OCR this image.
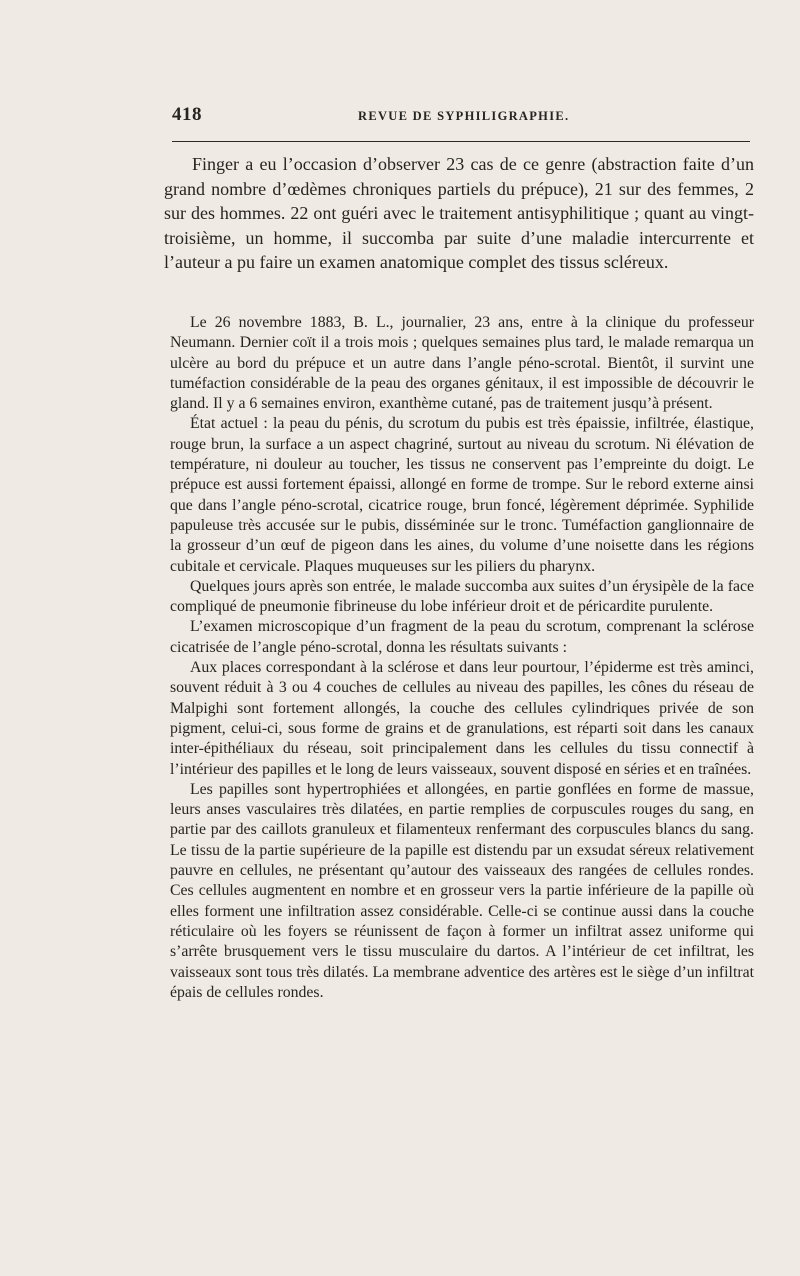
418	REVUE DE SYPHILIGRAPHIE.

Finger a eu l’occasion d’observer 23 cas de ce genre (abstraction faite d’un grand nombre d’œdèmes chroniques partiels du prépuce), 21 sur des femmes, 2 sur des hommes. 22 ont guéri avec le traitement antisyphilitique ; quant au vingt-troisième, un homme, il succomba par suite d’une maladie intercurrente et l’auteur a pu faire un examen anatomique complet des tissus scléreux.

Le 26 novembre 1883, B. L., journalier, 23 ans, entre à la clinique du professeur Neumann. Dernier coït il a trois mois ; quelques semaines plus tard, le malade remarqua un ulcère au bord du prépuce et un autre dans l’angle péno-scrotal. Bientôt, il survint une tuméfaction considérable de la peau des organes génitaux, il est impossible de découvrir le gland. Il y a 6 semaines environ, exanthème cutané, pas de traitement jusqu’à présent.

État actuel : la peau du pénis, du scrotum du pubis est très épaissie, infiltrée, élastique, rouge brun, la surface a un aspect chagriné, surtout au niveau du scrotum. Ni élévation de température, ni douleur au toucher, les tissus ne conservent pas l’empreinte du doigt. Le prépuce est aussi fortement épaissi, allongé en forme de trompe. Sur le rebord externe ainsi que dans l’angle péno-scrotal, cicatrice rouge, brun foncé, légèrement déprimée. Syphilide papuleuse très accusée sur le pubis, disséminée sur le tronc. Tuméfaction ganglionnaire de la grosseur d’un œuf de pigeon dans les aines, du volume d’une noisette dans les régions cubitale et cervicale. Plaques muqueuses sur les piliers du pharynx.

Quelques jours après son entrée, le malade succomba aux suites d’un érysipèle de la face compliqué de pneumonie fibrineuse du lobe inférieur droit et de péricardite purulente.

L’examen microscopique d’un fragment de la peau du scrotum, comprenant la sclérose cicatrisée de l’angle péno-scrotal, donna les résultats suivants :

Aux places correspondant à la sclérose et dans leur pourtour, l’épiderme est très aminci, souvent réduit à 3 ou 4 couches de cellules au niveau des papilles, les cônes du réseau de Malpighi sont fortement allongés, la couche des cellules cylindriques privée de son pigment, celui-ci, sous forme de grains et de granulations, est réparti soit dans les canaux inter-épithéliaux du réseau, soit principalement dans les cellules du tissu connectif à l’intérieur des papilles et le long de leurs vaisseaux, souvent disposé en séries et en traînées.

Les papilles sont hypertrophiées et allongées, en partie gonflées en forme de massue, leurs anses vasculaires très dilatées, en partie remplies de corpuscules rouges du sang, en partie par des caillots granuleux et filamenteux renfermant des corpuscules blancs du sang. Le tissu de la partie supérieure de la papille est distendu par un exsudat séreux relativement pauvre en cellules, ne présentant qu’autour des vaisseaux des rangées de cellules rondes. Ces cellules augmentent en nombre et en grosseur vers la partie inférieure de la papille où elles forment une infiltration assez considérable. Celle-ci se continue aussi dans la couche réticulaire où les foyers se réunissent de façon à former un infiltrat assez uniforme qui s’arrête brusquement vers le tissu musculaire du dartos. A l’intérieur de cet infiltrat, les vaisseaux sont tous très dilatés. La membrane adventice des artères est le siège d’un infiltrat épais de cellules rondes.
